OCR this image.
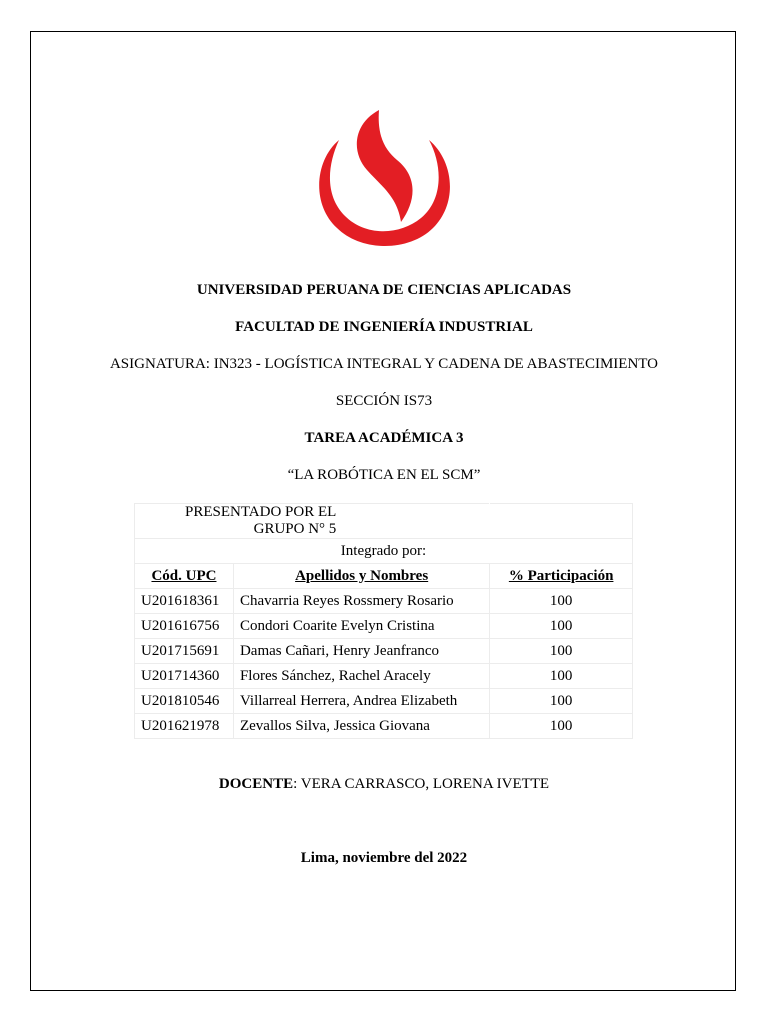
UNIVERSIDAD PERUANA DE CIENCIAS APLICADAS
FACULTAD DE INGENIERÍA INDUSTRIAL
ASIGNATURA: IN323 - LOGÍSTICA INTEGRAL Y CADENA DE ABASTECIMIENTO
SECCIÓN IS73
TAREA ACADÉMICA 3
“LA ROBÓTICA EN EL SCM”
PRESENTADO POR EL GRUPO N° 5		
Integrado por:		
Cód. UPC	Apellidos y Nombres	% Participación
U201618361	Chavarria Reyes Rossmery Rosario	100
U201616756	Condori Coarite Evelyn Cristina	100
U201715691	Damas Cañari, Henry Jeanfranco	100
U201714360	Flores Sánchez, Rachel Aracely	100
U201810546	Villarreal Herrera, Andrea Elizabeth	100
U201621978	Zevallos Silva, Jessica Giovana	100
DOCENTE: VERA CARRASCO, LORENA IVETTE
Lima, noviembre del 2022
